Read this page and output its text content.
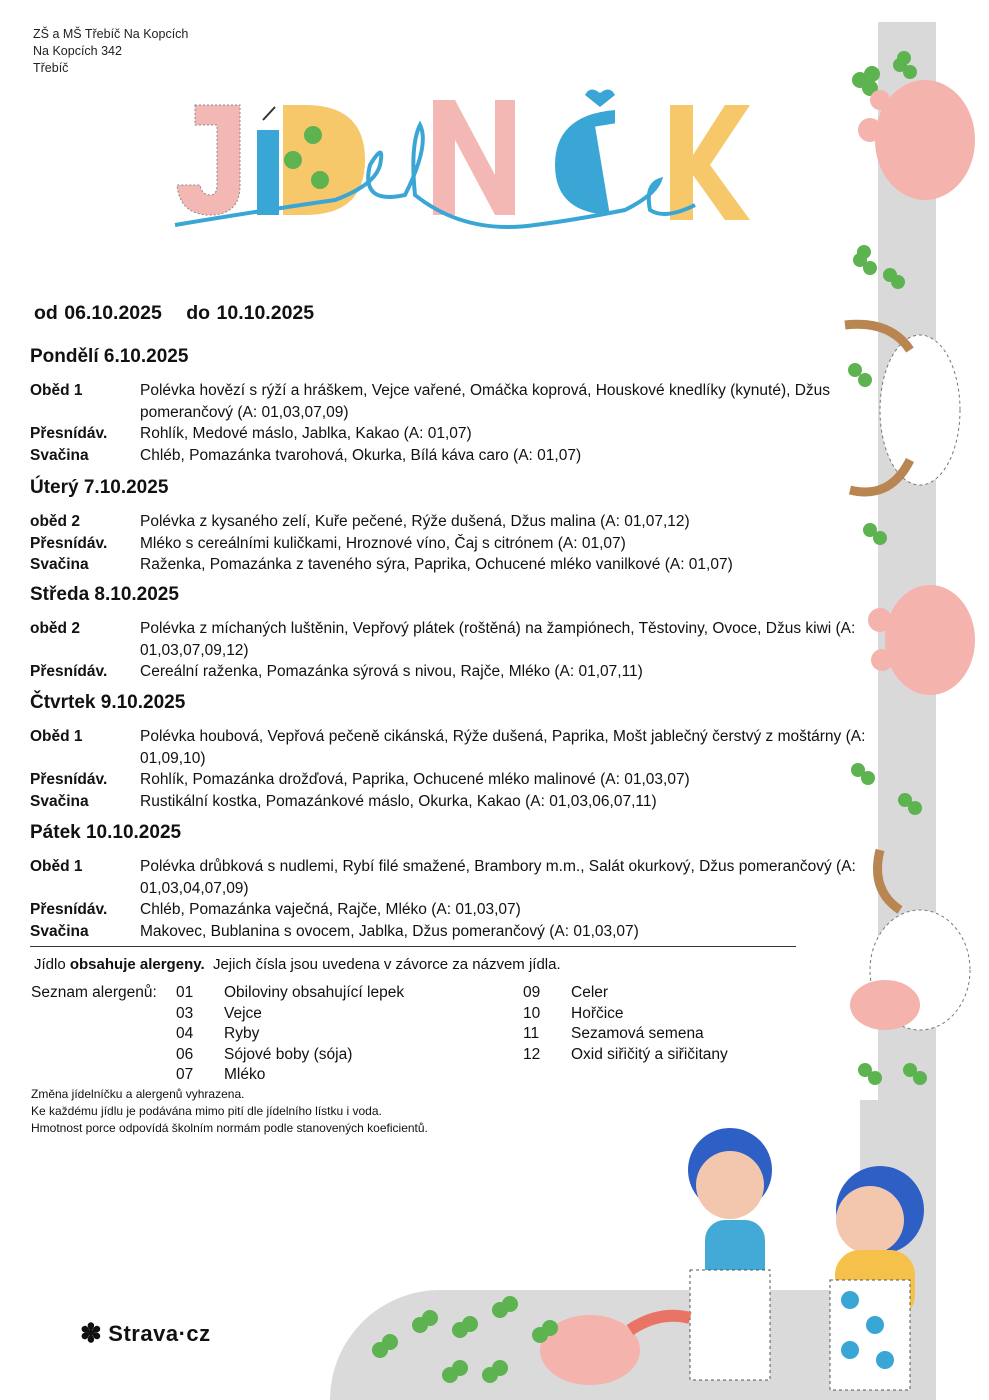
ZŠ a MŠ Třebíč Na Kopcích
Na Kopcích 342
Třebíč
od 06.10.2025 do 10.10.2025
Pondělí 6.10.2025
Oběd 1	Polévka hovězí s rýží a hráškem, Vejce vařené, Omáčka koprová, Houskové knedlíky (kynuté), Džus pomerančový (A: 01,03,07,09)
Přesnídáv.	Rohlík, Medové máslo, Jablka, Kakao (A: 01,07)
Svačina	Chléb, Pomazánka tvarohová, Okurka, Bílá káva caro (A: 01,07)
Úterý 7.10.2025
oběd 2	Polévka z kysaného zelí, Kuře pečené, Rýže dušená, Džus malina (A: 01,07,12)
Přesnídáv.	Mléko s cereálními kuličkami, Hroznové víno, Čaj s citrónem (A: 01,07)
Svačina	Raženka, Pomazánka z taveného sýra, Paprika, Ochucené mléko vanilkové (A: 01,07)
Středa 8.10.2025
oběd 2	Polévka z míchaných luštěnin, Vepřový plátek (roštěná) na žampiónech, Těstoviny, Ovoce, Džus kiwi (A: 01,03,07,09,12)
Přesnídáv.	Cereální raženka, Pomazánka sýrová s nivou, Rajče, Mléko (A: 01,07,11)
Čtvrtek 9.10.2025
Oběd 1	Polévka houbová, Vepřová pečeně cikánská, Rýže dušená, Paprika, Mošt jablečný čerstvý z moštárny (A: 01,09,10)
Přesnídáv.	Rohlík, Pomazánka drožďová, Paprika, Ochucené mléko malinové (A: 01,03,07)
Svačina	Rustikální kostka, Pomazánkové máslo, Okurka, Kakao (A: 01,03,06,07,11)
Pátek 10.10.2025
Oběd 1	Polévka drůbková s nudlemi, Rybí filé smažené, Brambory m.m., Salát okurkový, Džus pomerančový (A: 01,03,04,07,09)
Přesnídáv.	Chléb, Pomazánka vaječná, Rajče, Mléko (A: 01,03,07)
Svačina	Makovec, Bublanina s ovocem, Jablka, Džus pomerančový (A: 01,03,07)
Jídlo obsahuje alergeny.  Jejich čísla jsou uvedena v závorce za názvem jídla.
Seznam alergenů: 01	Obiloviny obsahující lepek
03	Vejce
04	Ryby
06	Sójové boby (sója)
07	Mléko
09	Celer
10	Hořčice
11	Sezamová semena
12	Oxid siřičitý a siřičitany
Změna jídelníčku a alergenů vyhrazena.
Ke každému jídlu je podávána mimo pití dle jídelního lístku i voda.
Hmotnost porce odpovídá školním normám podle stanovených koeficientů.
✽ Strava·cz
